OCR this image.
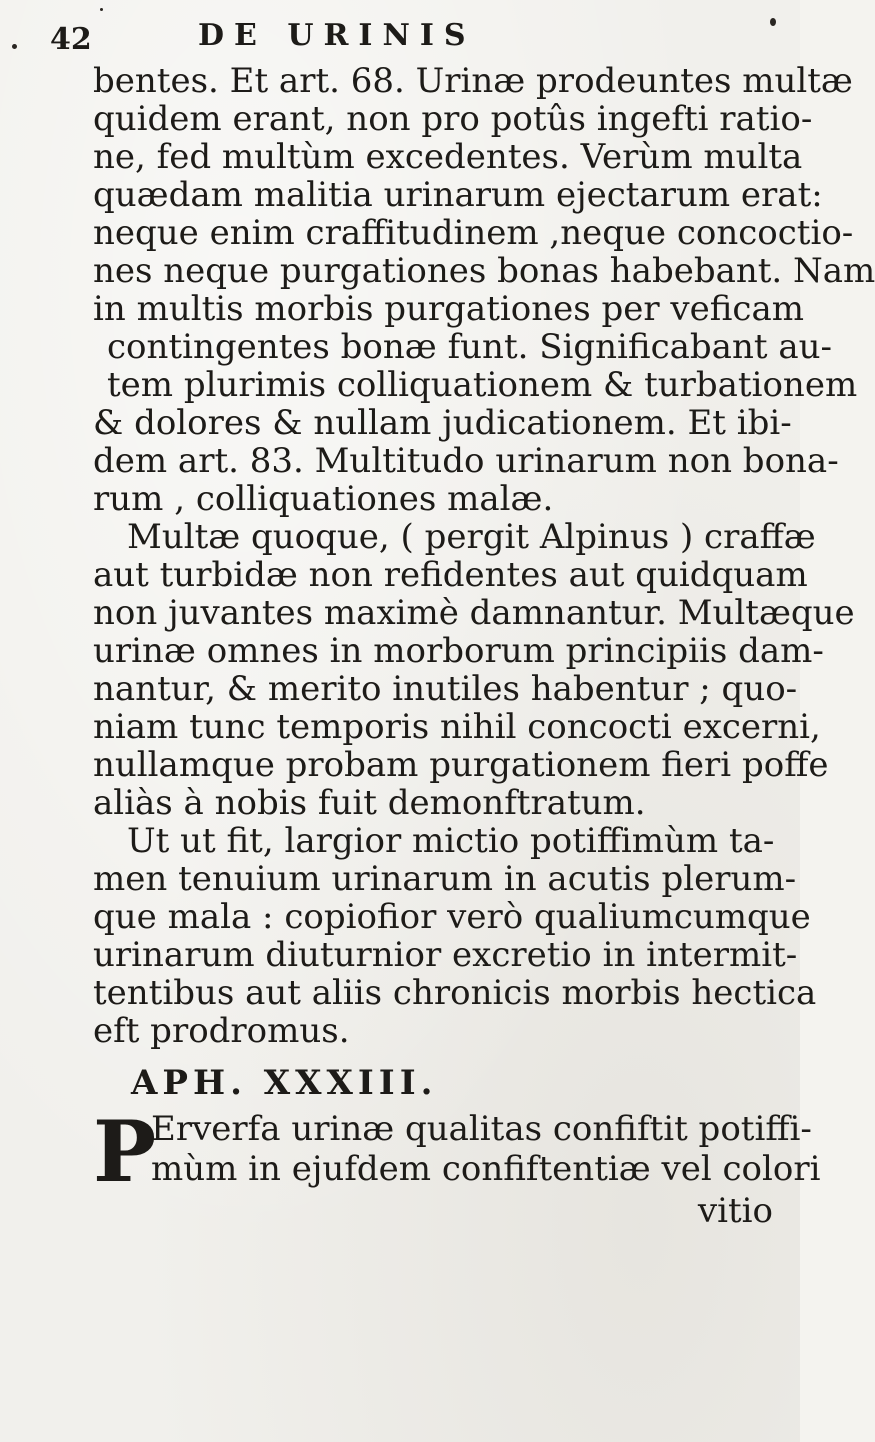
42	DE URINIS
bentes. Et art. 68. Urinæ prodeuntes multæ
quidem erant, non pro potûs ingefti ratio-
ne, fed multùm excedentes. Verùm multa
quædam malitia urinarum ejectarum erat:
neque enim craffitudinem ,neque concoctio-
nes neque purgationes bonas habebant. Nam
in multis morbis purgationes per veficam
contingentes bonæ funt. Significabant au-
tem plurimis colliquationem & turbationem
& dolores & nullam judicationem. Et ibi-
dem art. 83. Multitudo urinarum non bona-
rum , colliquationes malæ.
Multæ quoque, ( pergit Alpinus ) craffæ
aut turbidæ non refidentes aut quidquam
non juvantes maximè damnantur. Multæque
urinæ omnes in morborum principiis dam-
nantur, & merito inutiles habentur ; quo-
niam tunc temporis nihil concocti excerni,
nullamque probam purgationem fieri poffe
aliàs à nobis fuit demonftratum.
Ut ut fit, largior mictio potiffimùm ta-
men tenuium urinarum in acutis plerum-
que mala : copiofior verò qualiumcumque
urinarum diuturnior excretio in intermit-
tentibus aut aliis chronicis morbis hectica
eft prodromus.
APH. XXXIII.
P
Erverfa urinæ qualitas confiftit potiffi-
mùm in ejufdem confiftentiæ vel colori
vitio
